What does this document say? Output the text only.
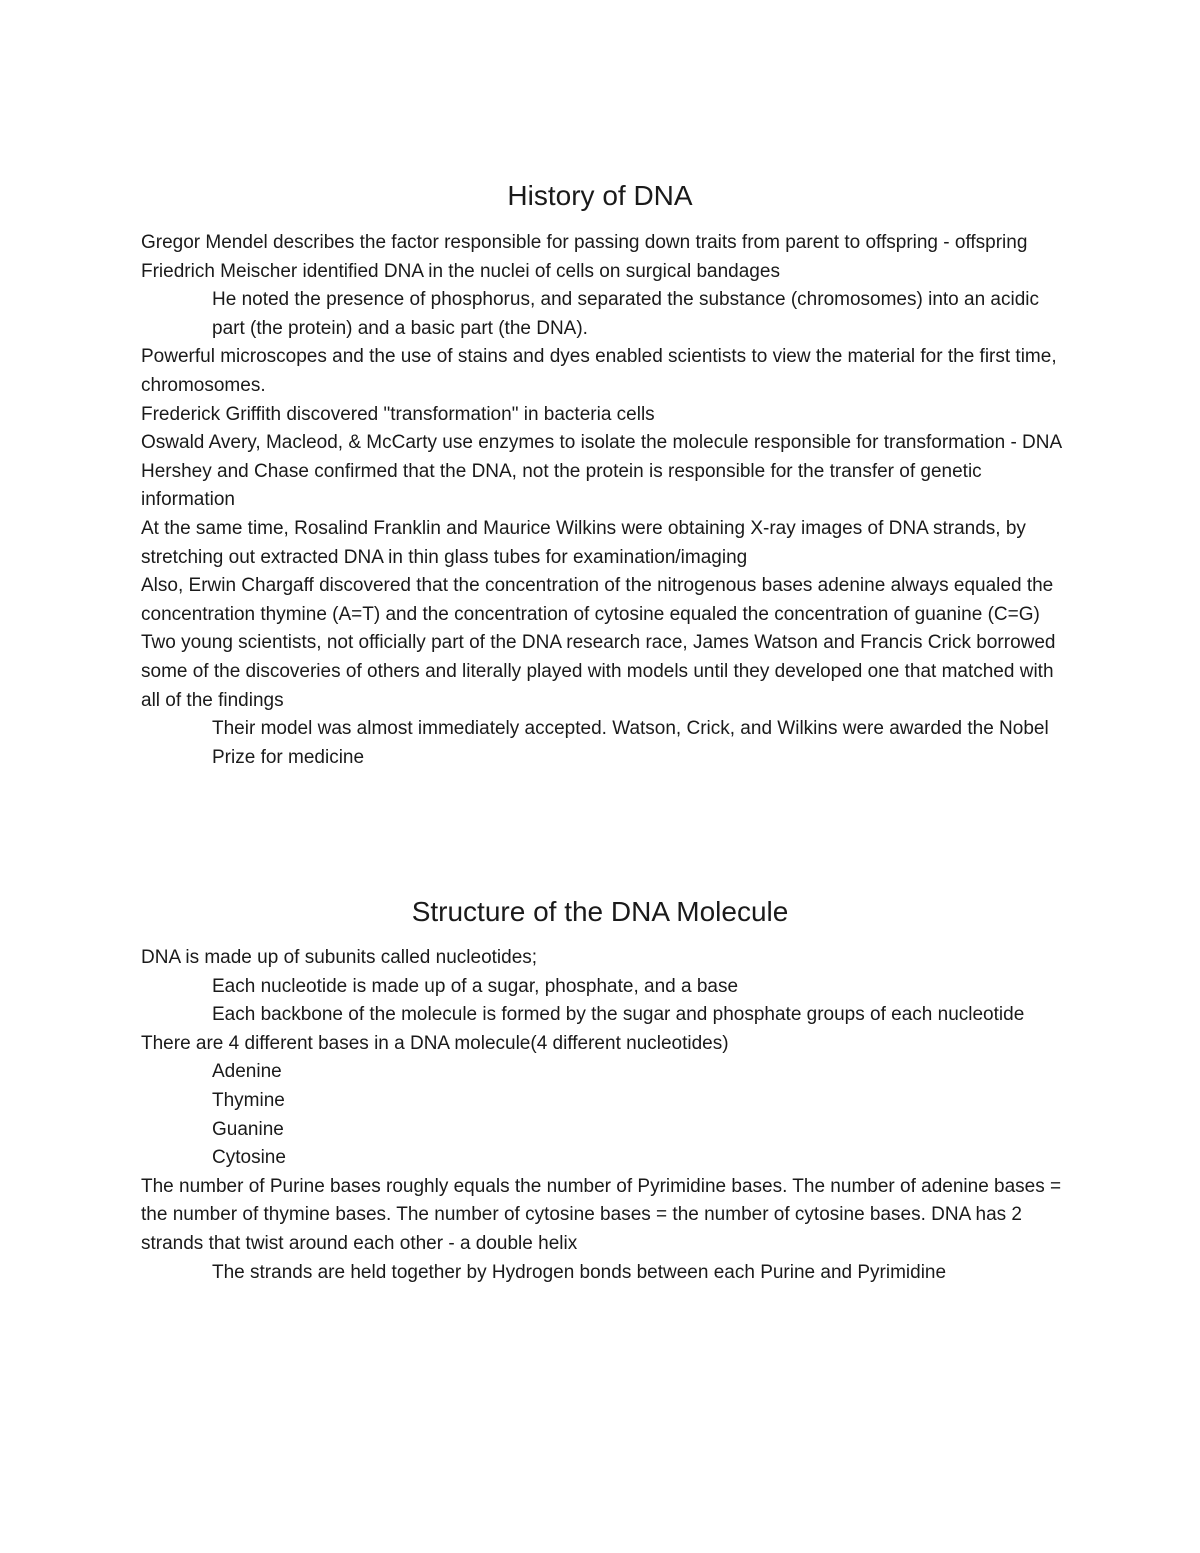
History of DNA

Gregor Mendel describes the factor responsible for passing down traits from parent to offspring - offspring

Friedrich Meischer identified DNA in the nuclei of cells on surgical bandages

He noted the presence of phosphorus, and separated the substance (chromosomes) into an acidic part (the protein) and a basic part (the DNA).

Powerful microscopes and the use of stains and dyes enabled scientists to view the material for the first time, chromosomes.

Frederick Griffith discovered "transformation" in bacteria cells

Oswald Avery, Macleod, & McCarty use enzymes to isolate the molecule responsible for transformation - DNA

Hershey and Chase confirmed that the DNA, not the protein is responsible for the transfer of genetic information

At the same time, Rosalind Franklin and Maurice Wilkins were obtaining X-ray images of DNA strands, by stretching out extracted DNA in thin glass tubes for examination/imaging

Also, Erwin Chargaff discovered that the concentration of the nitrogenous bases adenine always equaled the concentration thymine (A=T) and the concentration of cytosine equaled the concentration of guanine (C=G)

Two young scientists, not officially part of the DNA research race, James Watson and Francis Crick borrowed some of the discoveries of others and literally played with models until they developed one that matched with all of the findings

Their model was almost immediately accepted. Watson, Crick, and Wilkins were awarded the Nobel Prize for medicine

Structure of the DNA Molecule

DNA is made up of subunits called nucleotides;

Each nucleotide is made up of a sugar, phosphate, and a base

Each backbone of the molecule is formed by the sugar and phosphate groups of each nucleotide

There are 4 different bases in a DNA molecule(4 different nucleotides)

Adenine

Thymine

Guanine

Cytosine

The number of Purine bases roughly equals the number of Pyrimidine bases. The number of adenine bases = the number of thymine bases. The number of cytosine bases = the number of cytosine bases. DNA has 2 strands that twist around each other - a double helix

The strands are held together by Hydrogen bonds between each Purine and Pyrimidine
